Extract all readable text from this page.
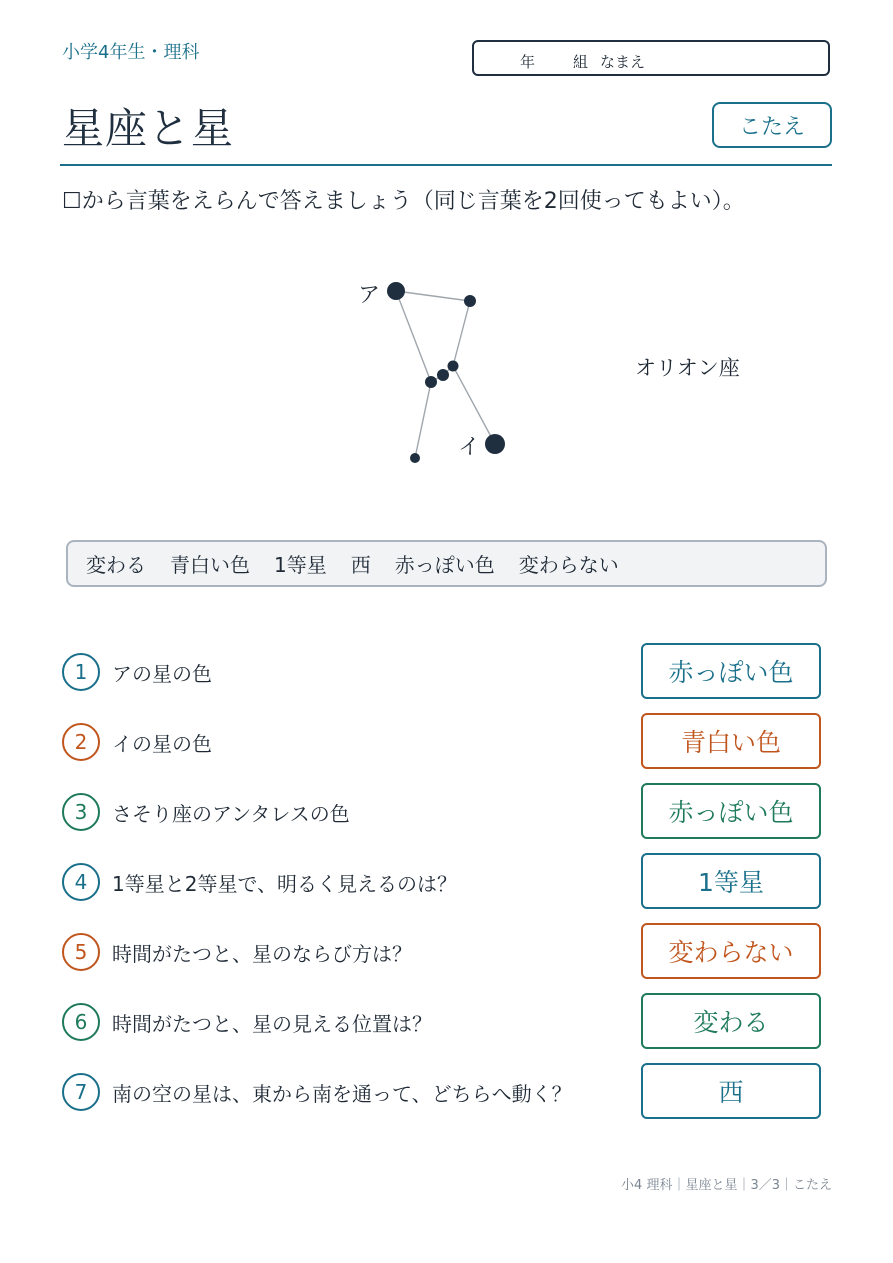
小学4年生・理科	年	組 なまえ
星座と星	こたえ
☐から言葉をえらんで答えましょう（同じ言葉を2回使ってもよい）。
ア
イ
オリオン座
変わる 青白い色 1等星 西 赤っぽい色 変わらない
1	アの星の色	赤っぽい色
2	イの星の色	青白い色
3	さそり座のアンタレスの色	赤っぽい色
4	1等星と2等星で、明るく見えるのは？	1等星
5	時間がたつと、星のならび方は？	変わらない
6	時間がたつと、星の見える位置は？	変わる
7	南の空の星は、東から南を通って、どちらへ動く？	西
小4 理科｜星座と星｜3／3｜こたえ
